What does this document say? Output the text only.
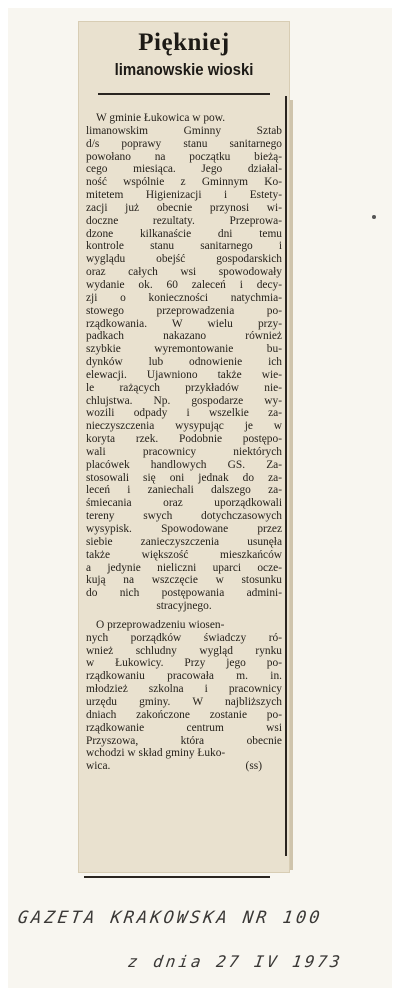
Piękniej
limanowskie wioski
W gminie Łukowica w pow.
limanowskim Gminny Sztab
d/s poprawy stanu sanitarnego
powołano na początku bieżą-
cego miesiąca. Jego działal-
ność wspólnie z Gminnym Ko-
mitetem Higienizacji i Estety-
zacji już obecnie przynosi wi-
doczne rezultaty. Przeprowa-
dzone kilkanaście dni temu
kontrole stanu sanitarnego i
wyglądu obejść gospodarskich
oraz całych wsi spowodowały
wydanie ok. 60 zaleceń i decy-
zji o konieczności natychmia-
stowego przeprowadzenia po-
rządkowania. W wielu przy-
padkach nakazano również
szybkie wyremontowanie bu-
dynków lub odnowienie ich
elewacji. Ujawniono także wie-
le rażących przykładów nie-
chlujstwa. Np. gospodarze wy-
wozili odpady i wszelkie za-
nieczyszczenia wysypując je w
koryta rzek. Podobnie postępo-
wali pracownicy niektórych
placówek handlowych GS. Za-
stosowali się oni jednak do za-
leceń i zaniechali dalszego za-
śmiecania oraz uporządkowali
tereny swych dotychczasowych
wysypisk. Spowodowane przez
siebie zanieczyszczenia usunęła
także większość mieszkańców
a jedynie nieliczni uparci ocze-
kują na wszczęcie w stosunku
do nich postępowania admini-
stracyjnego.
O przeprowadzeniu wiosen-
nych porządków świadczy ró-
wnież schludny wygląd rynku
w Łukowicy. Przy jego po-
rządkowaniu pracowała m. in.
młodzież szkolna i pracownicy
urzędu gminy. W najbliższych
dniach zakończone zostanie po-
rządkowanie centrum wsi
Przyszowa, która obecnie
wchodzi w skład gminy Łuko-
wica.	(ss)
GAZETA KRAKOWSKA NR 100
z dnia 27 IV 1973
